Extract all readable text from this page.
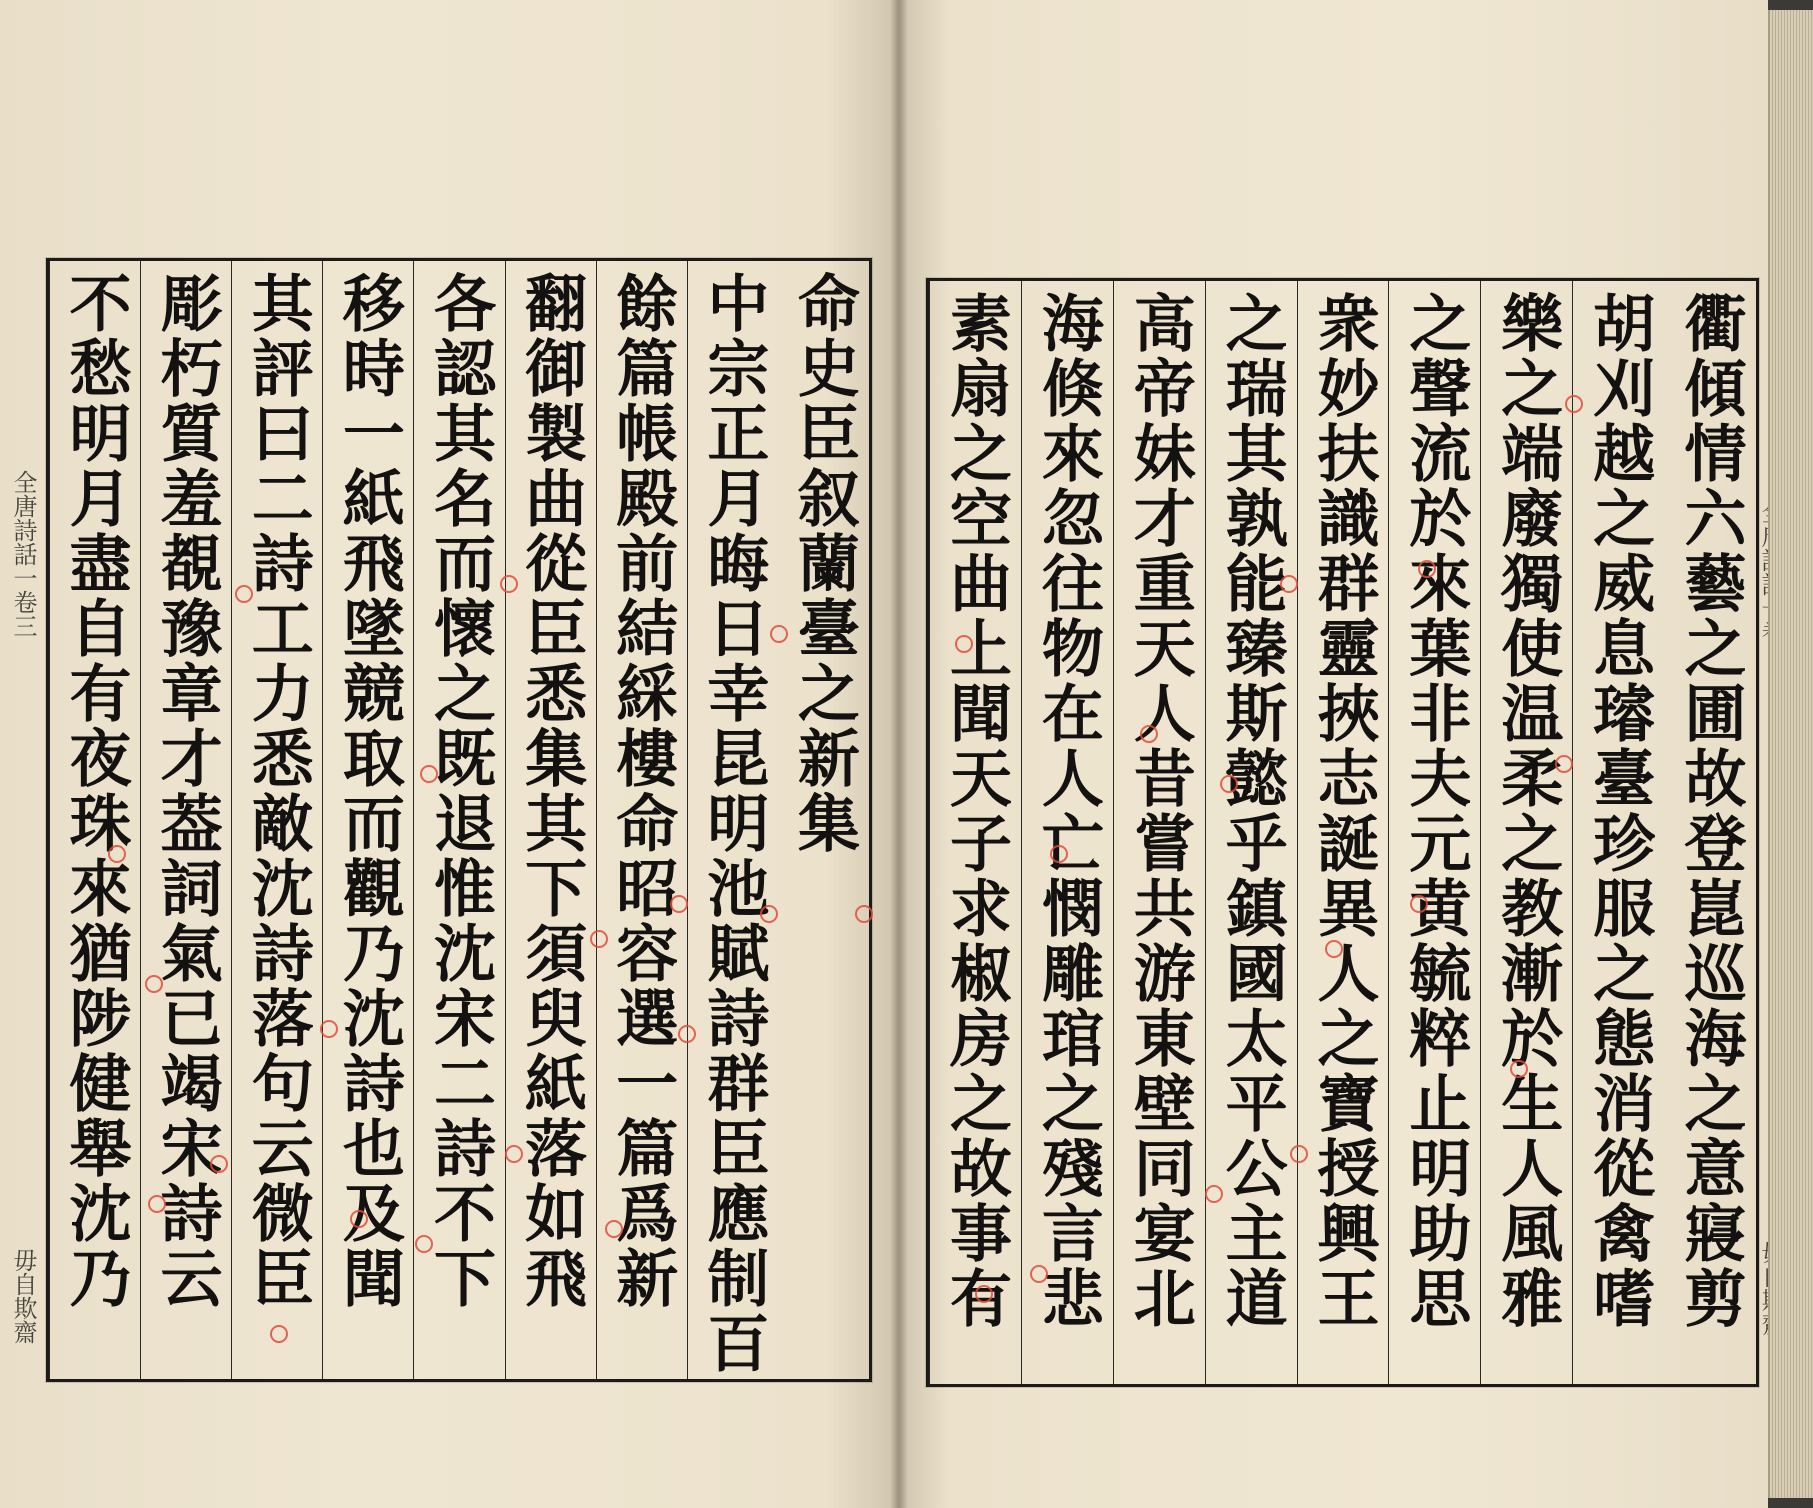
命史臣叙蘭臺之新集
中宗正月晦日幸昆明池賦詩群臣應制百
餘篇帳殿前結綵樓命昭容選一篇爲新
翻御製曲從臣悉集其下須臾紙落如飛
各認其名而懷之既退惟沈宋二詩不下
移時一紙飛墜競取而觀乃沈詩也及聞
其評曰二詩工力悉敵沈詩落句云微臣
彫朽質羞覩豫章才葢詞氣已竭宋詩云
不愁明月盡自有夜珠來猶陟健舉沈乃
全唐詩話一卷三
毋自欺齋	衢傾情六藝之圃故登崑巡海之意寢剪
胡刈越之威息璿臺珍服之態消從禽嗜
樂之端廢獨使温柔之教漸於生人風雅
之聲流於來葉非夫元黄毓粹止明助思
衆妙扶識群靈挾志誕異人之寶授興王
之瑞其孰能臻斯懿乎鎮國太平公主道
高帝妹才重天人昔嘗共游東壁同宴北
海倏來忽往物在人亡憫雕琯之殘言悲
素扇之空曲上聞天子求椒房之故事有
